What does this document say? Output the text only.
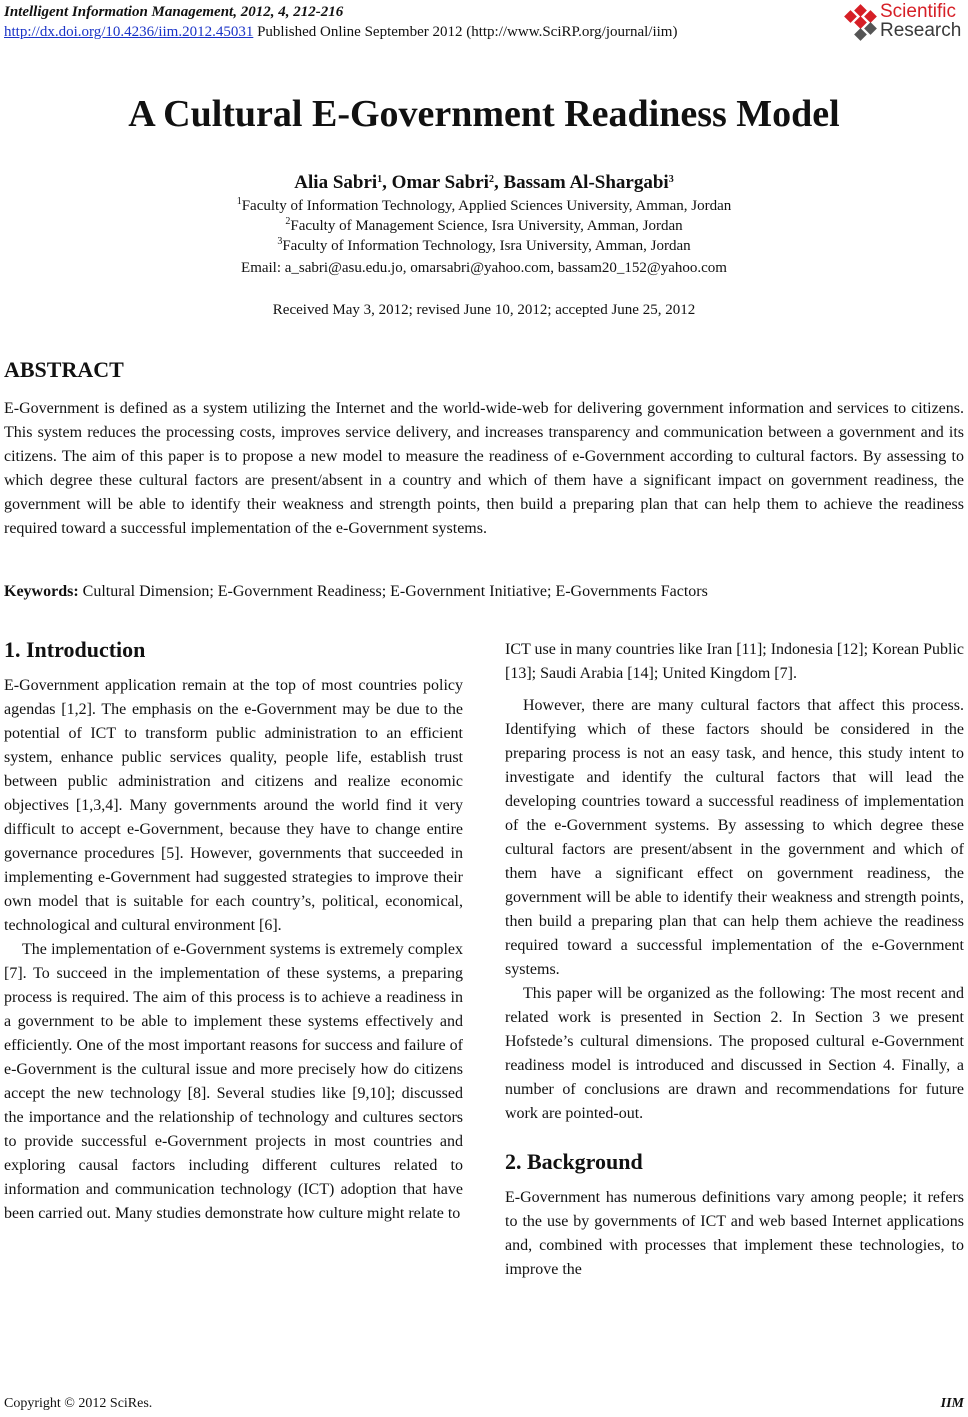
Intelligent Information Management, 2012, 4, 212-216
http://dx.doi.org/10.4236/iim.2012.45031 Published Online September 2012 (http://www.SciRP.org/journal/iim)
Scientific
Research
A Cultural E-Government Readiness Model
Alia Sabri$^1$, Omar Sabri$^2$, Bassam Al-Shargabi$^3$
$^1$Faculty of Information Technology, Applied Sciences University, Amman, Jordan
$^2$Faculty of Management Science, Isra University, Amman, Jordan
$^3$Faculty of Information Technology, Isra University, Amman, Jordan
Email: a_sabri@asu.edu.jo, omarsabri@yahoo.com, bassam20_152@yahoo.com
Received May 3, 2012; revised June 10, 2012; accepted June 25, 2012
ABSTRACT
E-Government is defined as a system utilizing the Internet and the world-wide-web for delivering government information and services to citizens. This system reduces the processing costs, improves service delivery, and increases transparency and communication between a government and its citizens. The aim of this paper is to propose a new model to measure the readiness of e-Government according to cultural factors. By assessing to which degree these cultural factors are present/absent in a country and which of them have a significant impact on government readiness, the government will be able to identify their weakness and strength points, then build a preparing plan that can help them to achieve the readiness required toward a successful implementation of the e-Government systems.
Keywords: Cultural Dimension; E-Government Readiness; E-Government Initiative; E-Governments Factors
1. Introduction

E-Government application remain at the top of most countries policy agendas [1,2]. The emphasis on the e-Government may be due to the potential of ICT to transform public administration to an efficient system, enhance public services quality, people life, establish trust between public administration and citizens and realize economic objectives [1,3,4]. Many governments around the world find it very difficult to accept e-Government, because they have to change entire governance procedures [5]. However, governments that succeeded in implementing e-Government had suggested strategies to improve their own model that is suitable for each country’s, political, economical, technological and cultural environment [6].

The implementation of e-Government systems is extremely complex [7]. To succeed in the implementation of these systems, a preparing process is required. The aim of this process is to achieve a readiness in a government to be able to implement these systems effectively and efficiently. One of the most important reasons for success and failure of e-Government is the cultural issue and more precisely how do citizens accept the new technology [8]. Several studies like [9,10]; discussed the importance and the relationship of technology and cultures sectors to provide successful e-Government projects in most countries and exploring causal factors including different cultures related to information and communication technology (ICT) adoption that have been carried out. Many studies demonstrate how culture might relate to

ICT use in many countries like Iran [11]; Indonesia [12]; Korean Public [13]; Saudi Arabia [14]; United Kingdom [7].

However, there are many cultural factors that affect this process. Identifying which of these factors should be considered in the preparing process is not an easy task, and hence, this study intent to investigate and identify the cultural factors that will lead the developing countries toward a successful readiness of implementation of the e-Government systems. By assessing to which degree these cultural factors are present/absent in the government and which of them have a significant effect on government readiness, the government will be able to identify their weakness and strength points, then build a preparing plan that can help them achieve the readiness required toward a successful implementation of the e-Government systems.

This paper will be organized as the following: The most recent and related work is presented in Section 2. In Section 3 we present Hofstede’s cultural dimensions. The proposed cultural e-Government readiness model is introduced and discussed in Section 4. Finally, a number of conclusions are drawn and recommendations for future work are pointed-out.

2. Background

E-Government has numerous definitions vary among people; it refers to the use by governments of ICT and web based Internet applications and, combined with processes that implement these technologies, to improve the

Copyright © 2012 SciRes.	IIM
